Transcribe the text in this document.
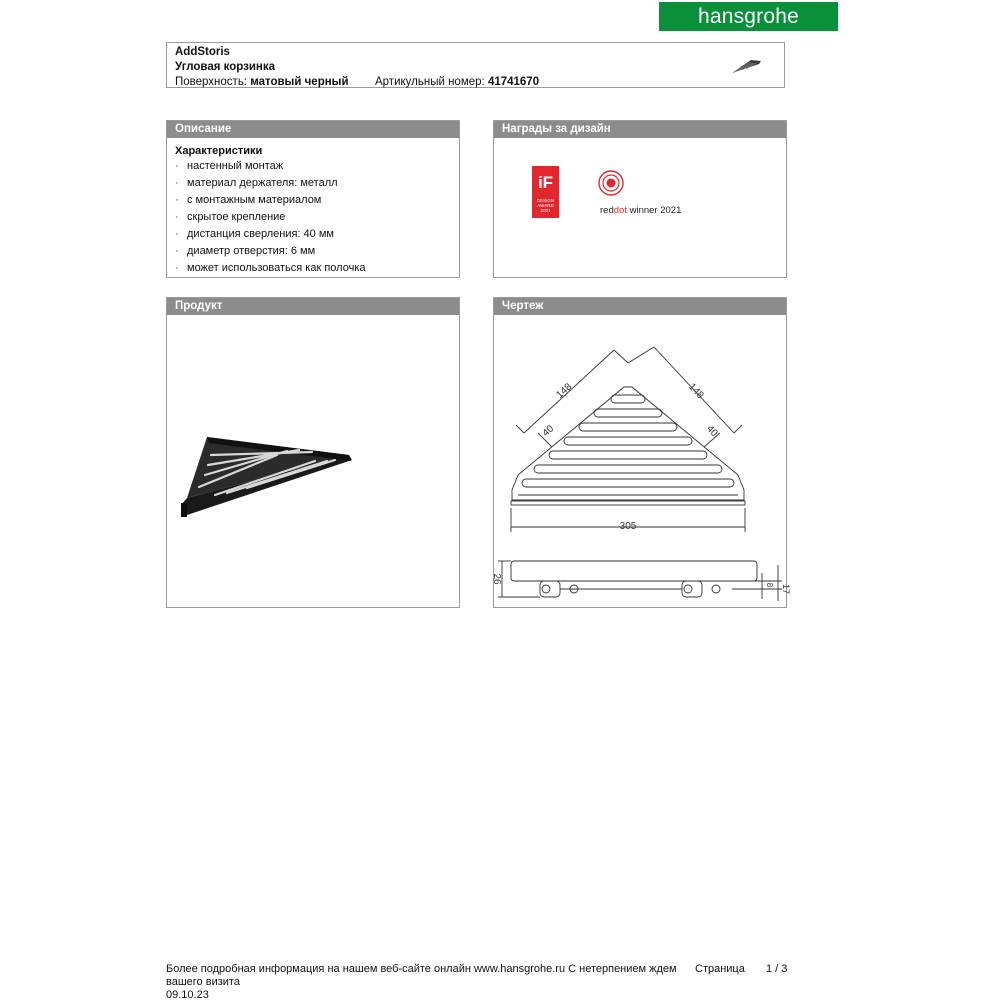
hansgrohe
AddStoris
Угловая корзинка
Поверхность: матовый черный Артикульный номер: 41741670
Описание
Характеристики
· настенный монтаж
· материал держателя: металл
· с монтажным материалом
· скрытое крепление
· дистанция сверления: 40 мм
· диаметр отверстия: 6 мм
· может использоваться как полочка
Награды за дизайн
iF
DESIGN
AWARD
2021	reddot winner 2021
Продукт	Чертеж
148	148
40	40
305
26
8 17
Более подробная информация на нашем веб-сайте онлайн www.hansgrohe.ru С нетерпением ждем
вашего визита
09.10.23
Страница 1 / 3
